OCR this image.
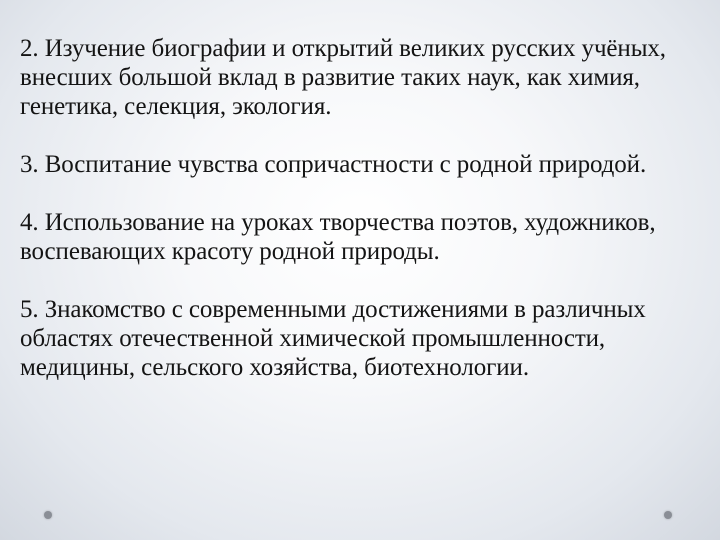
2. Изучение биографии и открытий великих русских учёных, внесших большой вклад в развитие таких наук, как химия, генетика, селекция, экология.

3. Воспитание чувства сопричастности с родной природой.

4. Использование на уроках творчества поэтов, художников, воспевающих красоту родной природы.

5. Знакомство с современными достижениями в различных областях отечественной химической промышленности, медицины, сельского хозяйства, биотехнологии.
